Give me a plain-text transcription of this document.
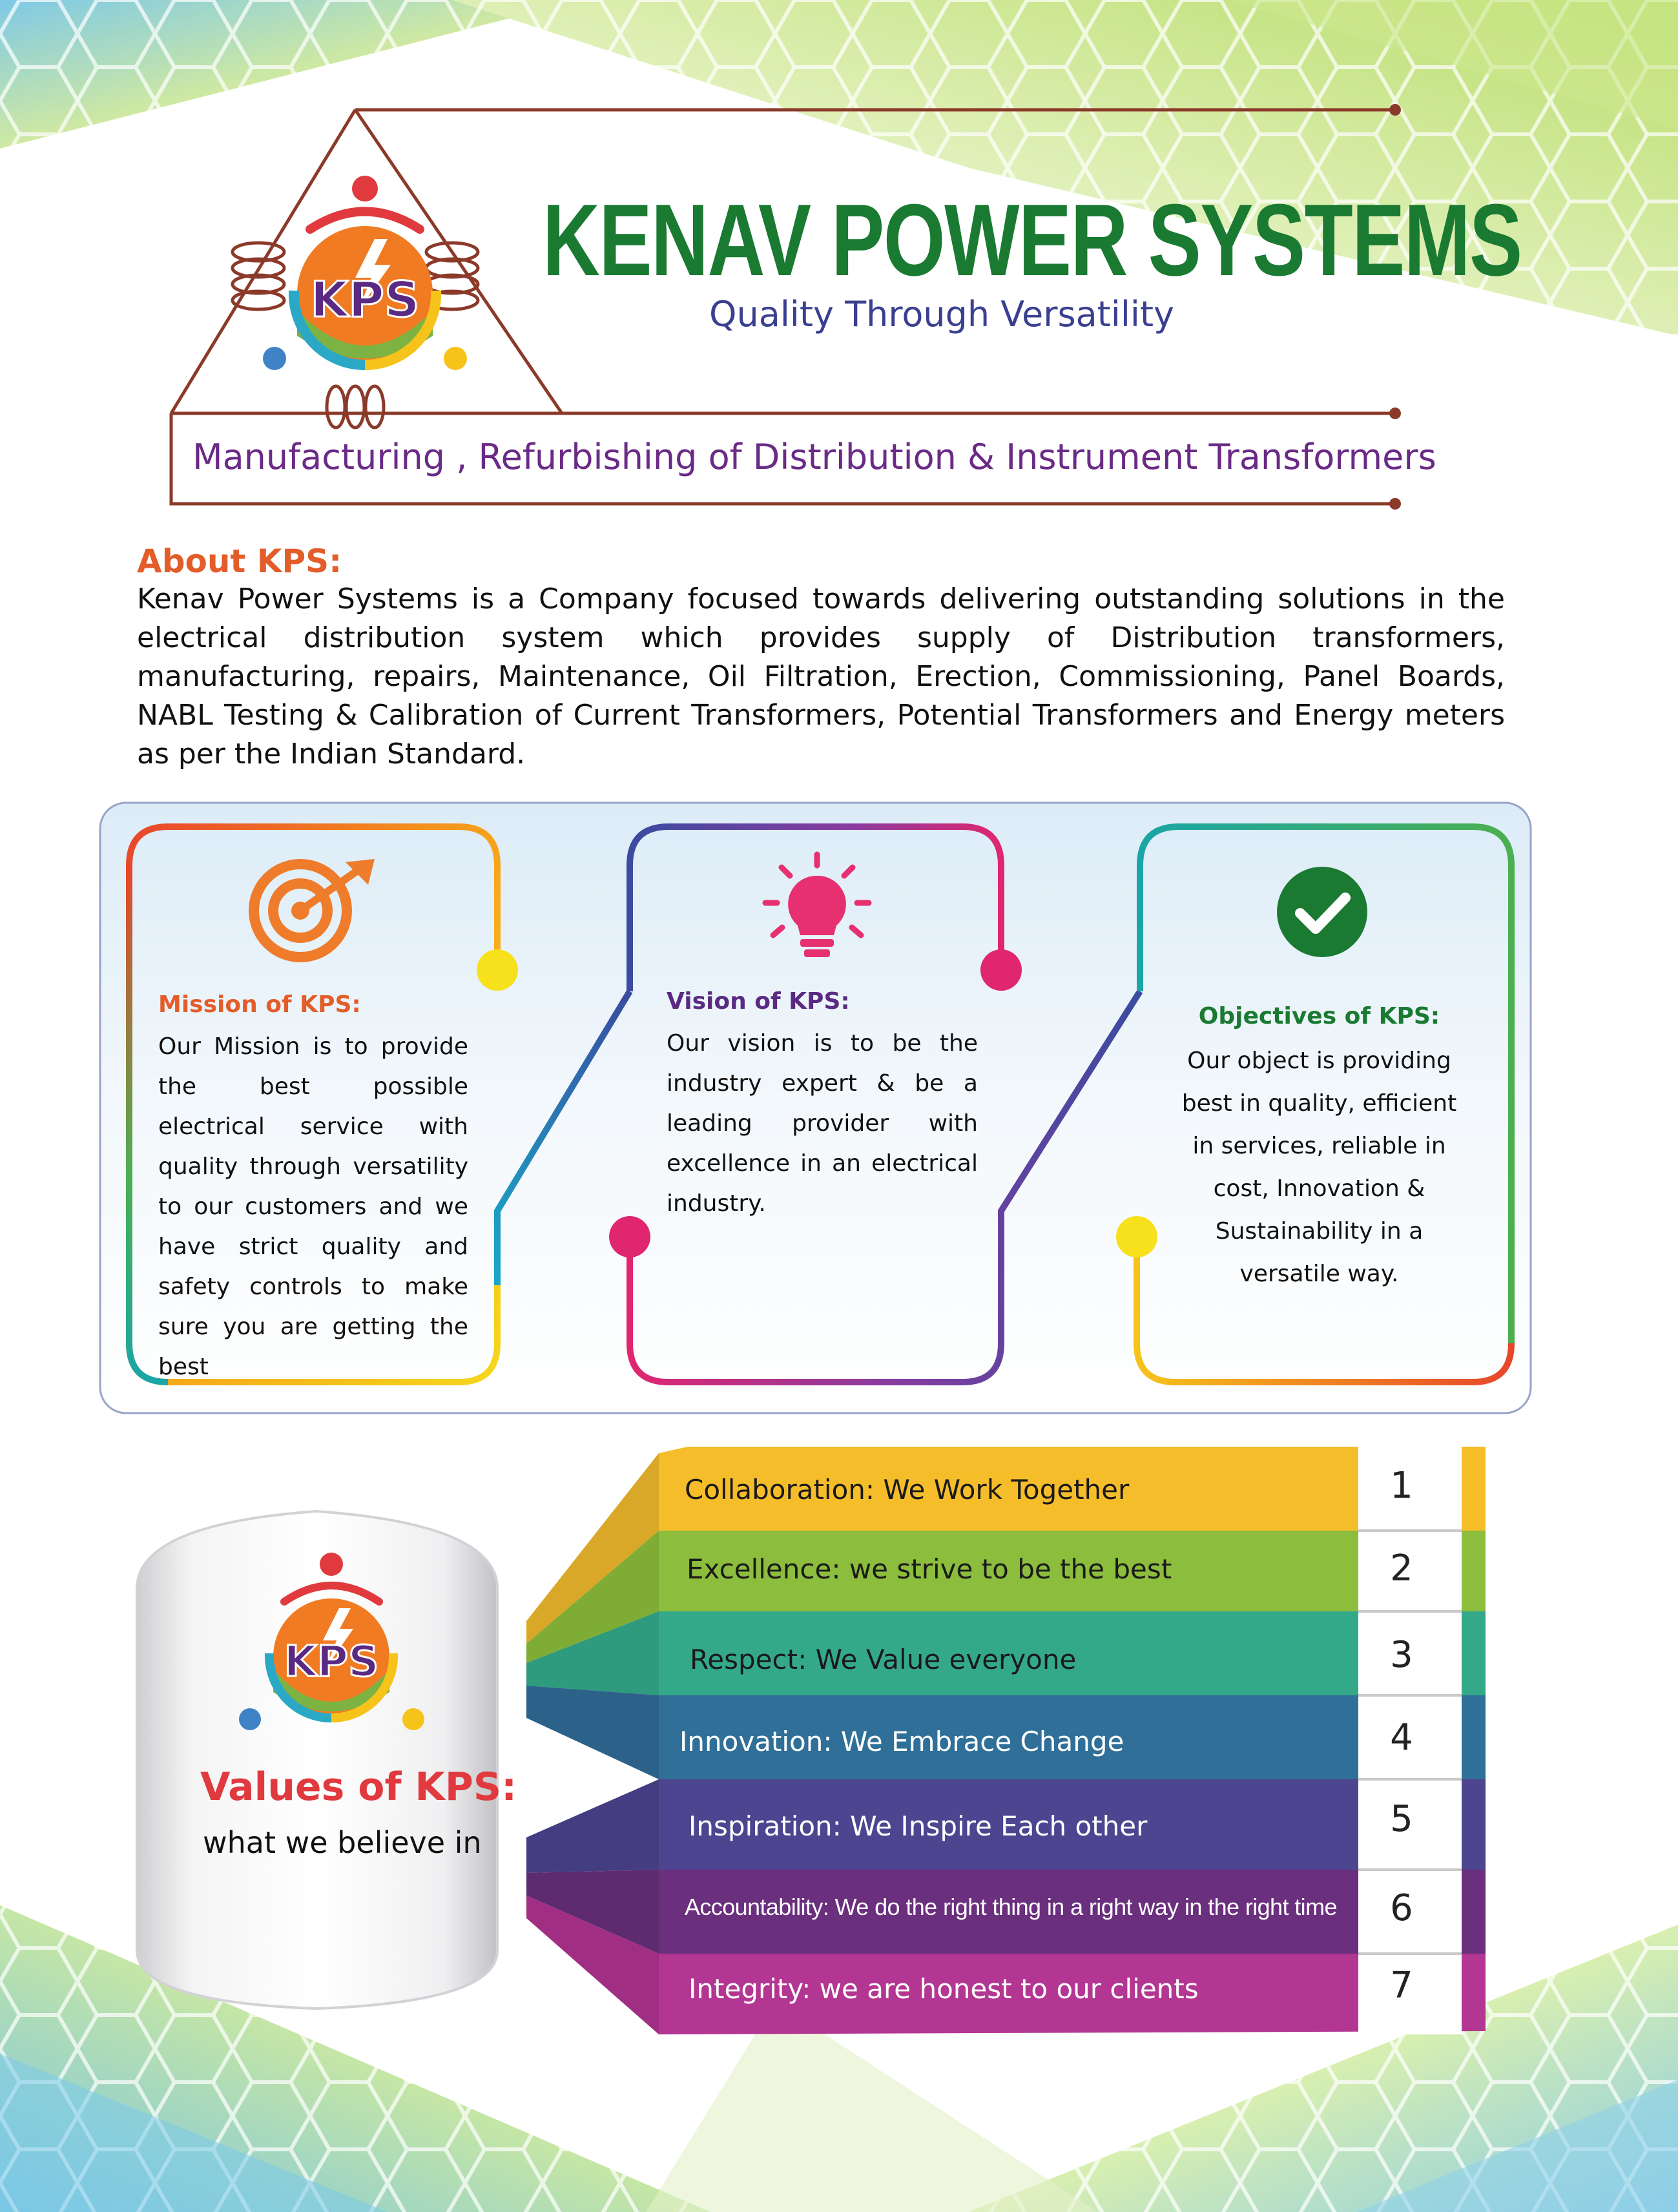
KPS
KENAV POWER SYSTEMS
Quality Through Versatility
Manufacturing , Refurbishing of Distribution & Instrument Transformers
About KPS:
Kenav Power Systems is a Company focused towards delivering outstanding solutions in the electrical distribution system which provides supply of Distribution transformers, manufacturing, repairs, Maintenance, Oil Filtration, Erection, Commissioning, Panel Boards, NABL Testing & Calibration of Current Transformers, Potential Transformers and Energy meters as per the Indian Standard.
Mission of KPS:
Our Mission is to provide the best possible electrical service with quality through versatility to our customers and we have strict quality and safety controls to make sure you are getting the best
Vision of KPS:
Our vision is to be the industry expert & be a leading provider with excellence in an electrical industry.
Objectives of KPS:
Our object is providing best in quality, efficient in services, reliable in cost, Innovation & Sustainability in a versatile way.
KPS
Values of KPS:
what we believe in
Collaboration: We Work Together
Excellence: we strive to be the best
Respect: We Value everyone
Innovation: We Embrace Change
Inspiration: We Inspire Each other
Accountability: We do the right thing in a right way in the right time
Integrity: we are honest to our clients
1
2
3
4
5
6
7
